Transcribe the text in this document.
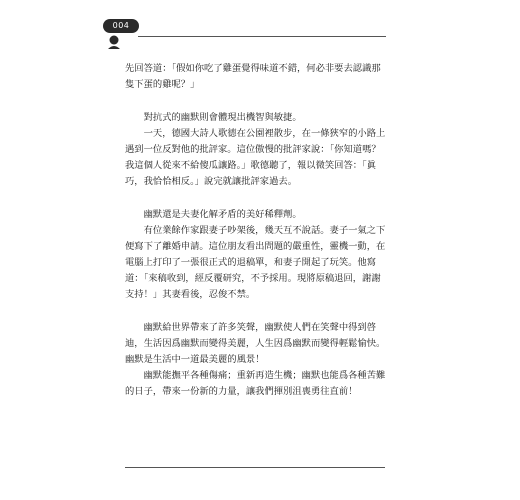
004

先回答道：「假如你吃了雞蛋覺得味道不錯，何必非要去認識那
隻下蛋的雞呢？」

對抗式的幽默則會體現出機智與敏捷。

一天，德國大詩人歌德在公園裡散步，在一條狹窄的小路上
遇到一位反對他的批評家。這位傲慢的批評家說：「你知道嗎？
我這個人從來不給傻瓜讓路。」歌德聽了，報以微笑回答：「眞
巧，我恰恰相反。」說完就讓批評家過去。

幽默還是夫妻化解矛盾的美好稀釋劑。

有位業餘作家跟妻子吵架後，幾天互不說話。妻子一氣之下
便寫下了離婚申請。這位朋友看出問題的嚴重性，靈機一動，在
電腦上打印了一張很正式的退稿單，和妻子開起了玩笑。他寫
道：「來稿收到，經反覆研究，不予採用。現將原稿退回，謝謝
支持！」其妻看後，忍俊不禁。

幽默給世界帶來了許多笑聲，幽默使人們在笑聲中得到啓
迪，生活因爲幽默而變得美麗，人生因爲幽默而變得輕鬆愉快。
幽默是生活中一道最美麗的風景！

幽默能撫平各種傷痛；重新再造生機；幽默也能爲各種苦難
的日子，帶來一份新的力量，讓我們揮別沮喪勇往直前！
